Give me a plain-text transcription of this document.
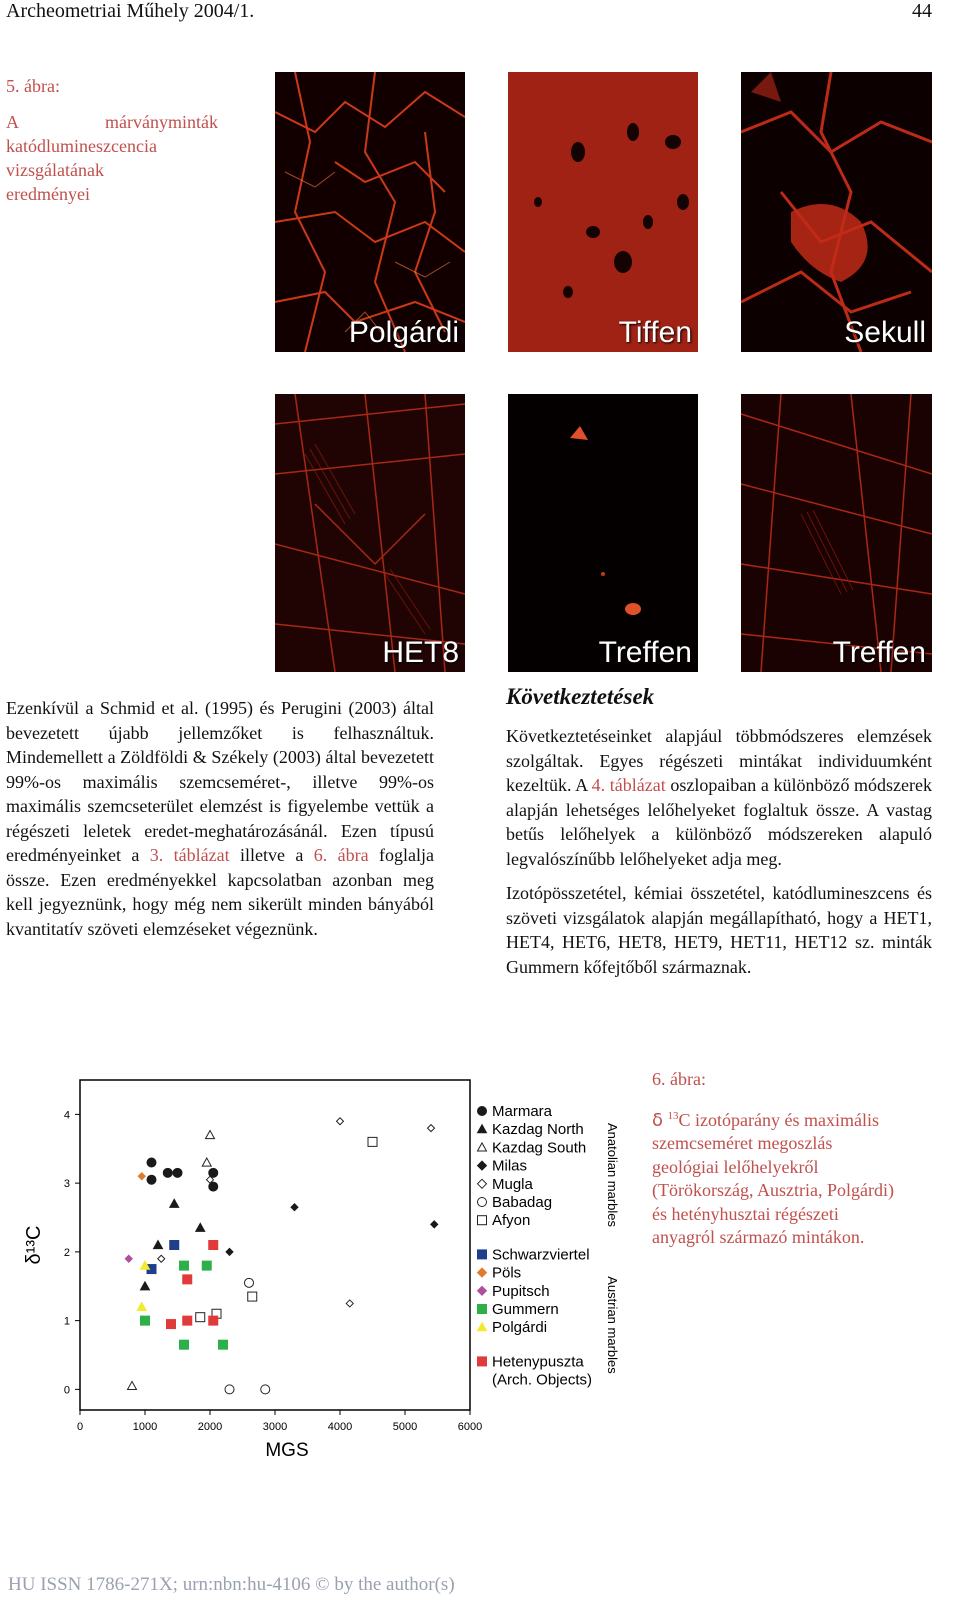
Archeometriai Műhely 2004/1.	44
5. ábra:
A	márványminták
katódlumineszcencia
vizsgálatának
eredményei
Polgárdi	Tiffen	Sekull
HET8	Treffen	Treffen

Ezenkívül a Schmid et al. (1995) és Perugini (2003) által bevezetett újabb jellemzőket is felhasználtuk. Mindemellett a Zöldföldi & Székely (2003) által bevezetett 99%-os maximális szemcseméret-, illetve 99%-os maximális szemcseterület elemzést is figyelembe vettük a régészeti leletek eredet-meghatározásánál. Ezen típusú eredményeinket a 3. táblázat illetve a 6. ábra foglalja össze. Ezen eredményekkel kapcsolatban azonban meg kell jegyeznünk, hogy még nem sikerült minden bányából kvantitatív szöveti elemzéseket végeznünk.

Következtetések

Következtetéseinket alapjául többmódszeres elemzések szolgáltak. Egyes régészeti mintákat individuumként kezeltük. A 4. táblázat oszlopaiban a különböző módszerek alapján lehetséges lelőhelyeket foglaltuk össze. A vastag betűs lelőhelyek a különböző módszereken alapuló legvalószínűbb lelőhelyeket adja meg.

Izotópösszetétel, kémiai összetétel, katódlumineszcens és szöveti vizsgálatok alapján megállapítható, hogy a HET1, HET4, HET6, HET8, HET9, HET11, HET12 sz. minták Gummern kőfejtőből származnak.

6. ábra:
δ $^{13}$C izotóparány és maximális
szemcseméret megoszlás
geológiai lelőhelyekről
(Törökország, Ausztria, Polgárdi)
és hetényhusztai régészeti
anyagról származó mintákon.
0	1000	2000	3000	4000	5000	6000
0
1
2
3
4
MGS
δ¹³C
Marmara
Kazdag North
Kazdag South
Milas
Mugla
Babadag
Afyon
Schwarzviertel
Pöls
Pupitsch
Gummern
Polgárdi
Hetenypuszta
(Arch. Objects)
Anatolian marbles
Austrian marbles
HU ISSN 1786-271X; urn:nbn:hu-4106 © by the author(s)
